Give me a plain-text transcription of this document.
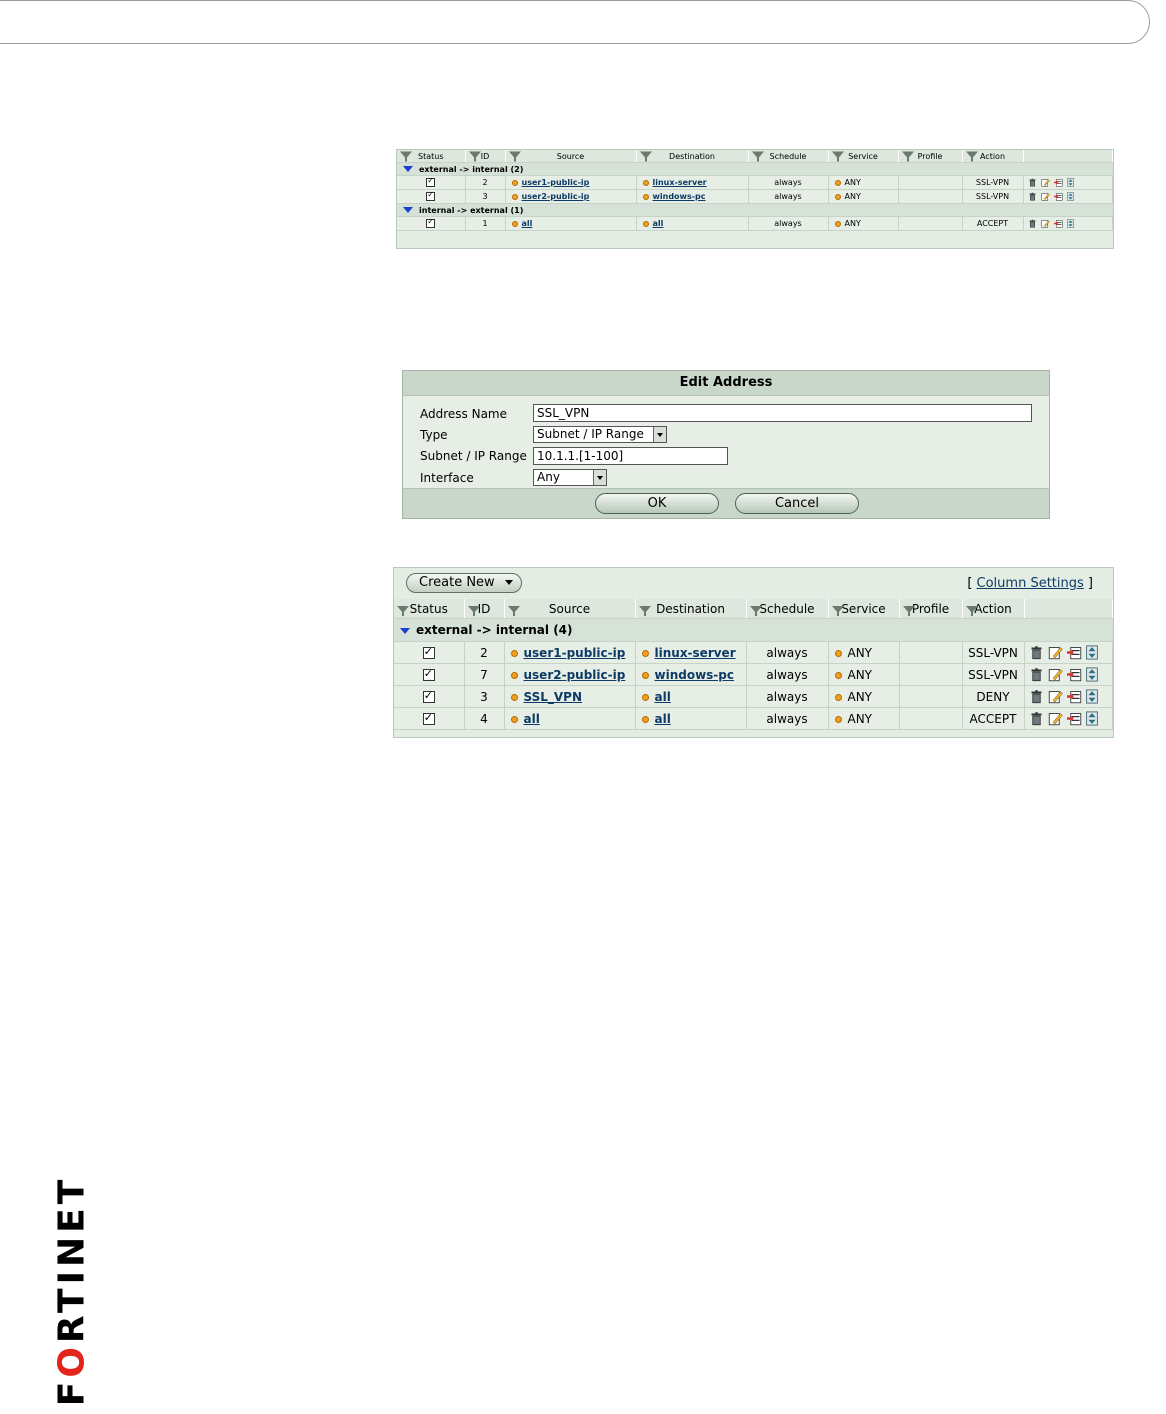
Status	ID	Source	Destination	Schedule	Service	Profile	Action	
external -> internal (2)								
✓	2	user1-public-ip	linux-server	always	ANY		SSL-VPN	
✓	3	user2-public-ip	windows-pc	always	ANY		SSL-VPN	
internal -> external (1)								
✓	1	all	all	always	ANY		ACCEPT	
Edit Address
Address Name	SSL_VPN
Type	Subnet / IP Range
Subnet / IP Range 10.1.1.[1-100]
Interface	Any
OK	Cancel
Create New	[ Column Settings ]
Status	ID	Source	Destination	Schedule	Service	Profile	Action	
external -> internal (4)								
✓	2	user1-public-ip	linux-server	always	ANY		SSL-VPN	
✓	7	user2-public-ip	windows-pc	always	ANY		SSL-VPN	
✓	3	SSL_VPN	all	always	ANY		DENY	
✓	4	all	all	always	ANY		ACCEPT	
FORTINET
